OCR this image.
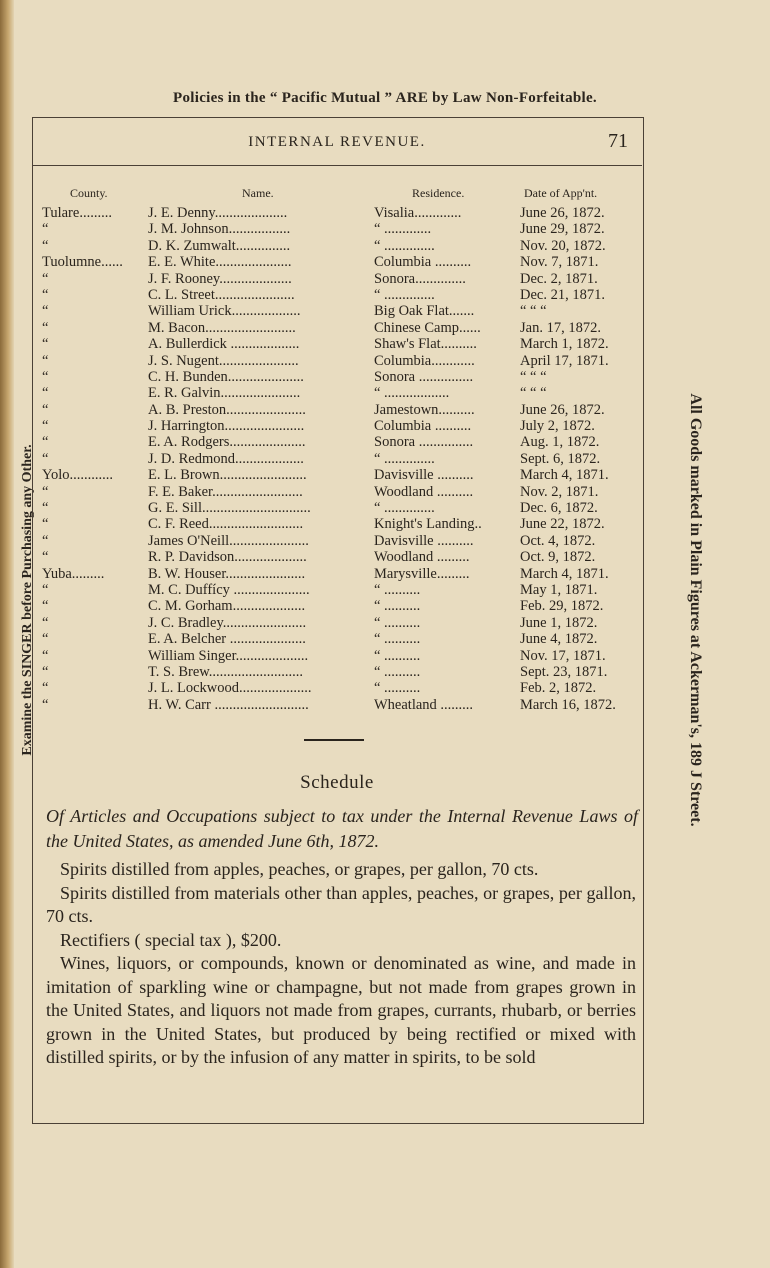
Policies in the “ Pacific Mutual ” ARE by Law Non-Forfeitable.
Examine the SINGER before Purchasing any Other.	All Goods marked in Plain Figures at Ackerman's, 189 J Street.
INTERNAL REVENUE.	71
County.	Name.	Residence.	Date of App'nt.
Tulare......... J. E. Denny....................	Visalia.............	June 26, 1872.
“	J. M. Johnson.................	“ .............	June 29, 1872.
“	D. K. Zumwalt...............	“ ..............	Nov. 20, 1872.
Tuolumne...... E. E. White.....................	Columbia ..........	Nov. 7, 1871.
“	J. F. Rooney....................	Sonora..............	Dec. 2, 1871.
“	C. L. Street......................	“ ..............	Dec. 21, 1871.
“	William Urick...................	Big Oak Flat.......	“ “ “
“	M. Bacon.........................	Chinese Camp......	Jan. 17, 1872.
“	A. Bullerdick ...................	Shaw's Flat..........	March 1, 1872.
“	J. S. Nugent......................	Columbia............	April 17, 1871.
“	C. H. Bunden.....................	Sonora ...............	“ “ “
“	E. R. Galvin......................	“ ..................	“ “ “
“	A. B. Preston......................	Jamestown..........	June 26, 1872.
“	J. Harrington......................	Columbia ..........	July 2, 1872.
“	E. A. Rodgers.....................	Sonora ...............	Aug. 1, 1872.
“	J. D. Redmond...................	“ ..............	Sept. 6, 1872.
Yolo............ E. L. Brown........................	Davisville ..........	March 4, 1871.
“	F. E. Baker.........................	Woodland ..........	Nov. 2, 1871.
“	G. E. Sill..............................	“ ..............	Dec. 6, 1872.
“	C. F. Reed..........................	Knight's Landing..	June 22, 1872.
“	James O'Neill......................	Davisville ..........	Oct. 4, 1872.
“	R. P. Davidson....................	Woodland .........	Oct. 9, 1872.
Yuba.........	B. W. Houser......................	Marysville.........	March 4, 1871.
“	M. C. Duffícy .....................	“ ..........	May 1, 1871.
“	C. M. Gorham....................	“ ..........	Feb. 29, 1872.
“	J. C. Bradley.......................	“ ..........	June 1, 1872.
“	E. A. Belcher .....................	“ ..........	June 4, 1872.
“	William Singer....................	“ ..........	Nov. 17, 1871.
“	T. S. Brew..........................	“ ..........	Sept. 23, 1871.
“	J. L. Lockwood....................	“ ..........	Feb. 2, 1872.
“	H. W. Carr ..........................	Wheatland .........	March 16, 1872.
Schedule
Of Articles and Occupations subject to tax under the Internal Revenue Laws of the United States, as amended June 6th, 1872.

Spirits distilled from apples, peaches, or grapes, per gallon, 70 cts.

Spirits distilled from materials other than apples, peaches, or grapes, per gallon, 70 cts.

Rectifiers ( special tax ), $200.

Wines, liquors, or compounds, known or denominated as wine, and made in imitation of sparkling wine or champagne, but not made from grapes grown in the United States, and liquors not made from grapes, currants, rhubarb, or berries grown in the United States, but produced by being rectified or mixed with distilled spirits, or by the infusion of any matter in spirits, to be sold
